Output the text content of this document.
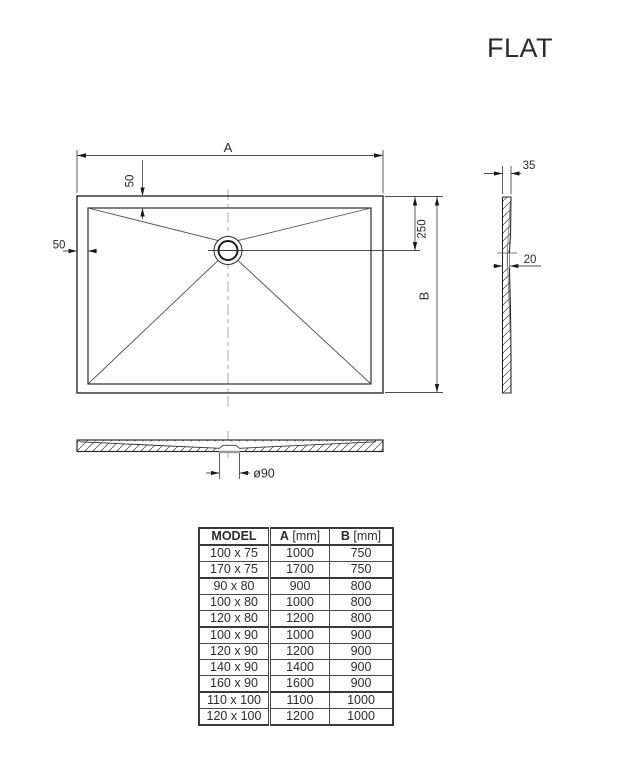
FLAT
A
50
50
250
B
35
20
ø90
MODEL	A [mm]	B [mm]
100 x 75	1000	750
170 x 75	1700	750
90 x 80	900	800
100 x 80	1000	800
120 x 80	1200	800
100 x 90	1000	900
120 x 90	1200	900
140 x 90	1400	900
160 x 90	1600	900
110 x 100	1100	1000
120 x 100	1200	1000
